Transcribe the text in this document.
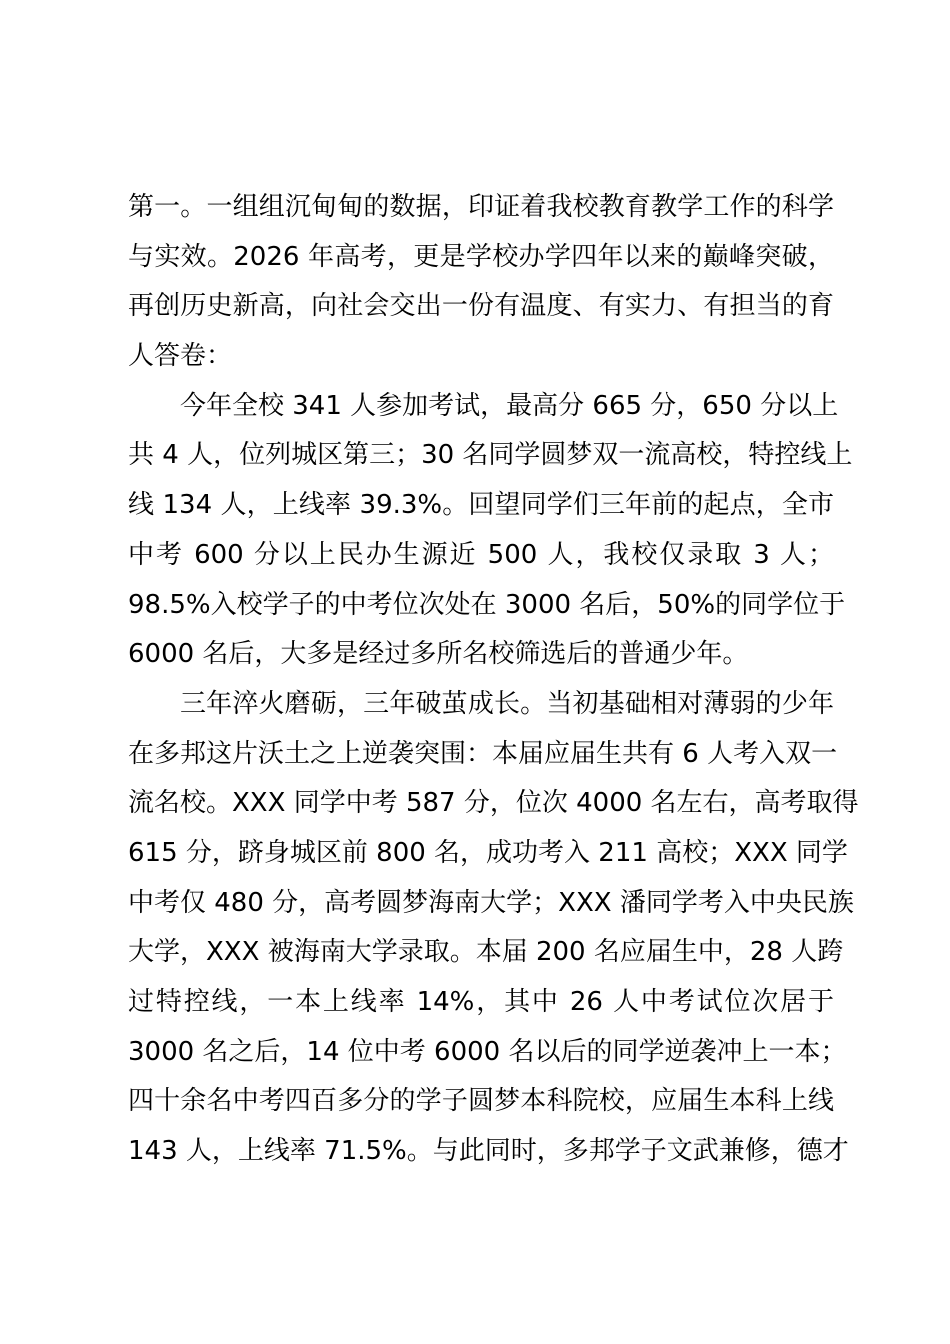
第一。一组组沉甸甸的数据，印证着我校教育教学工作的科学
与实效。2026 年高考，更是学校办学四年以来的巅峰突破，
再创历史新高，向社会交出一份有温度、有实力、有担当的育
人答卷：
今年全校 341 人参加考试，最高分 665 分，650 分以上
共 4 人，位列城区第三；30 名同学圆梦双一流高校，特控线上
线 134 人，上线率 39.3%。回望同学们三年前的起点，全市
中考 600 分以上民办生源近 500 人，我校仅录取 3 人；
98.5%入校学子的中考位次处在 3000 名后，50%的同学位于
6000 名后，大多是经过多所名校筛选后的普通少年。
三年淬火磨砺，三年破茧成长。当初基础相对薄弱的少年
在多邦这片沃土之上逆袭突围：本届应届生共有 6 人考入双一
流名校。XXX 同学中考 587 分，位次 4000 名左右，高考取得
615 分，跻身城区前 800 名，成功考入 211 高校；XXX 同学
中考仅 480 分，高考圆梦海南大学；XXX 潘同学考入中央民族
大学，XXX 被海南大学录取。本届 200 名应届生中，28 人跨
过特控线，一本上线率 14%，其中 26 人中考试位次居于
3000 名之后，14 位中考 6000 名以后的同学逆袭冲上一本；
四十余名中考四百多分的学子圆梦本科院校，应届生本科上线
143 人，上线率 71.5%。与此同时，多邦学子文武兼修，德才
